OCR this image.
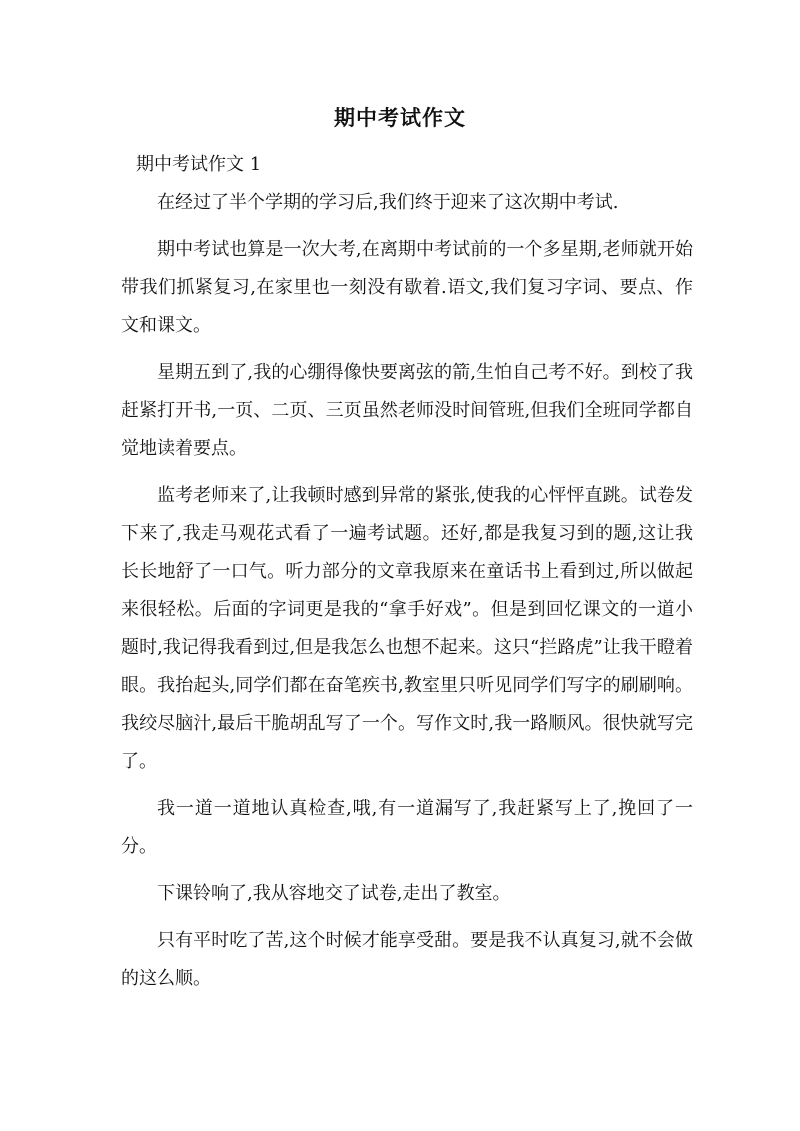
期中考试作文

期中考试作文 1

在经过了半个学期的学习后,我们终于迎来了这次期中考试.

期中考试也算是一次大考,在离期中考试前的一个多星期,老师就开始带我们抓紧复习,在家里也一刻没有歇着.语文,我们复习字词、要点、作文和课文。

星期五到了,我的心绷得像快要离弦的箭,生怕自己考不好。到校了我赶紧打开书,一页、二页、三页虽然老师没时间管班,但我们全班同学都自觉地读着要点。

监考老师来了,让我顿时感到异常的紧张,使我的心怦怦直跳。试卷发下来了,我走马观花式看了一遍考试题。还好,都是我复习到的题,这让我长长地舒了一口气。听力部分的文章我原来在童话书上看到过,所以做起来很轻松。后面的字词更是我的“拿手好戏”。但是到回忆课文的一道小题时,我记得我看到过,但是我怎么也想不起来。这只“拦路虎”让我干瞪着眼。我抬起头,同学们都在奋笔疾书,教室里只听见同学们写字的刷刷响。我绞尽脑汁,最后干脆胡乱写了一个。写作文时,我一路顺风。很快就写完了。

我一道一道地认真检查,哦,有一道漏写了,我赶紧写上了,挽回了一分。

下课铃响了,我从容地交了试卷,走出了教室。

只有平时吃了苦,这个时候才能享受甜。要是我不认真复习,就不会做的这么顺。
